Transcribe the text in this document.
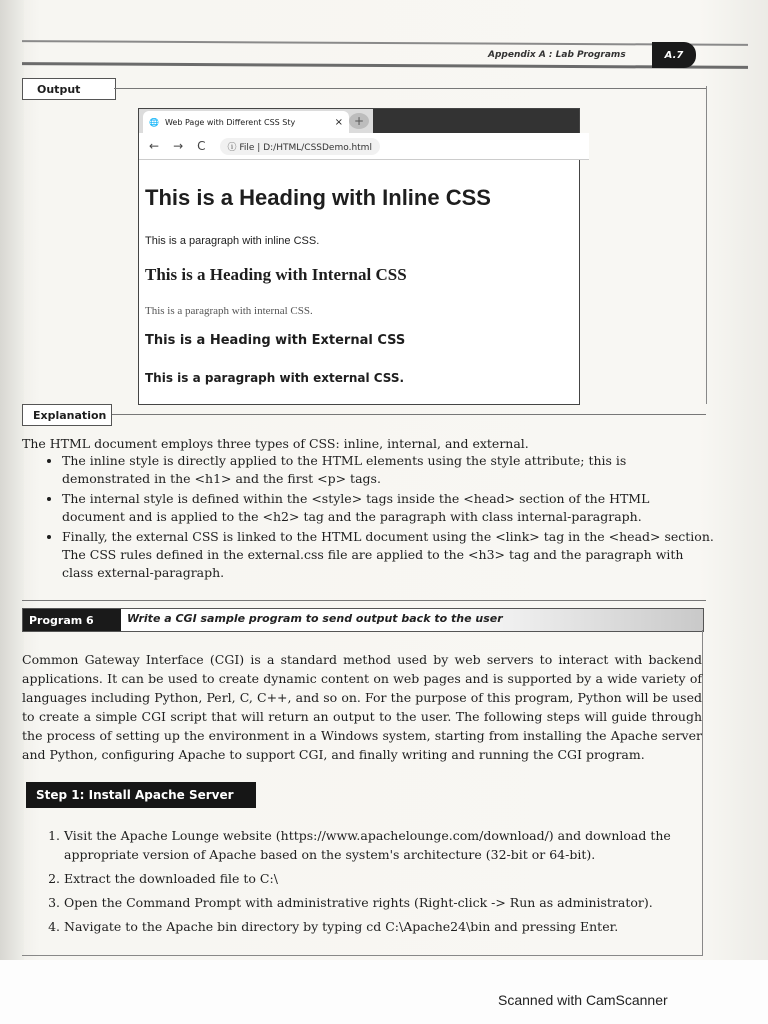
Appendix A : Lab Programs	A.7
Output
🌐 Web Page with Different CSS Sty	× +
← → C	ⓘ File | D:/HTML/CSSDemo.html
This is a Heading with Inline CSS
This is a paragraph with inline CSS.
This is a Heading with Internal CSS
This is a paragraph with internal CSS.
This is a Heading with External CSS
This is a paragraph with external CSS.
Explanation
The HTML document employs three types of CSS: inline, internal, and external.
• The inline style is directly applied to the HTML elements using the style attribute; this is demonstrated in the <h1> and the first <p> tags.
• The internal style is defined within the <style> tags inside the <head> section of the HTML document and is applied to the <h2> tag and the paragraph with class internal-paragraph.
• Finally, the external CSS is linked to the HTML document using the <link> tag in the <head> section. The CSS rules defined in the external.css file are applied to the <h3> tag and the paragraph with class external-paragraph.
Program 6	Write a CGI sample program to send output back to the user
Common Gateway Interface (CGI) is a standard method used by web servers to interact with backend applications. It can be used to create dynamic content on web pages and is supported by a wide variety of languages including Python, Perl, C, C++, and so on. For the purpose of this program, Python will be used to create a simple CGI script that will return an output to the user. The following steps will guide through the process of setting up the environment in a Windows system, starting from installing the Apache server and Python, configuring Apache to support CGI, and finally writing and running the CGI program.
Step 1: Install Apache Server
1. Visit the Apache Lounge website (https://www.apachelounge.com/download/) and download the appropriate version of Apache based on the system's architecture (32-bit or 64-bit).
2. Extract the downloaded file to C:\
3. Open the Command Prompt with administrative rights (Right-click -> Run as administrator).
4. Navigate to the Apache bin directory by typing cd C:\Apache24\bin and pressing Enter.
Scanned with CamScanner
